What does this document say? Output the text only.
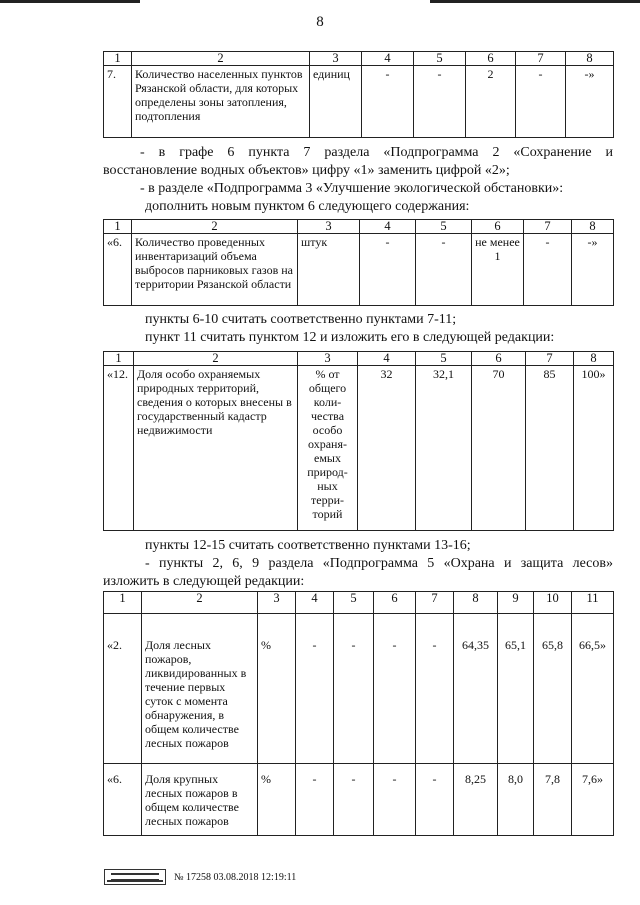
8
1	2	3	4	5	6	7	8
7.	Количество населенных пунктов Рязанской области, для которых определены зоны затопления, подтопления	единиц	-	-	2	-	-»

- в графе 6 пункта 7 раздела «Подпрограмма 2 «Сохранение и

восстановление водных объектов» цифру «1» заменить цифрой «2»;

- в разделе «Подпрограмма 3 «Улучшение экологической обстановки»:

дополнить новым пунктом 6 следующего содержания:

1	2	3	4	5	6	7	8
«6.	Количество проведенных инвентаризаций объема выбросов парниковых газов на территории Рязанской области	штук	-	-	не менее 1	-	-»

пункты 6-10 считать соответственно пунктами 7-11;

пункт 11 считать пунктом 12 и изложить его в следующей редакции:

1	2	3	4	5	6	7	8
«12.	Доля особо охраняемых природных территорий, сведения о которых внесены в государственный кадастр недвижимости	% от общего коли-чества особо охраня-емых природ-ных терри-торий	32	32,1	70	85	100»

пункты 12-15 считать соответственно пунктами 13-16;

- пункты 2, 6, 9 раздела «Подпрограмма 5 «Охрана и защита лесов»

изложить в следующей редакции:

1	2	3	4	5	6	7	8	9	10	11
«2.	Доля лесных пожаров, ликвидированных в течение первых суток с момента обнаружения, в общем количестве лесных пожаров	%	-	-	-	-	64,35	65,1	65,8	66,5»
«6.	Доля крупных лесных пожаров в общем количестве лесных пожаров	%	-	-	-	-	8,25	8,0	7,8	7,6»
№ 17258 03.08.2018 12:19:11
